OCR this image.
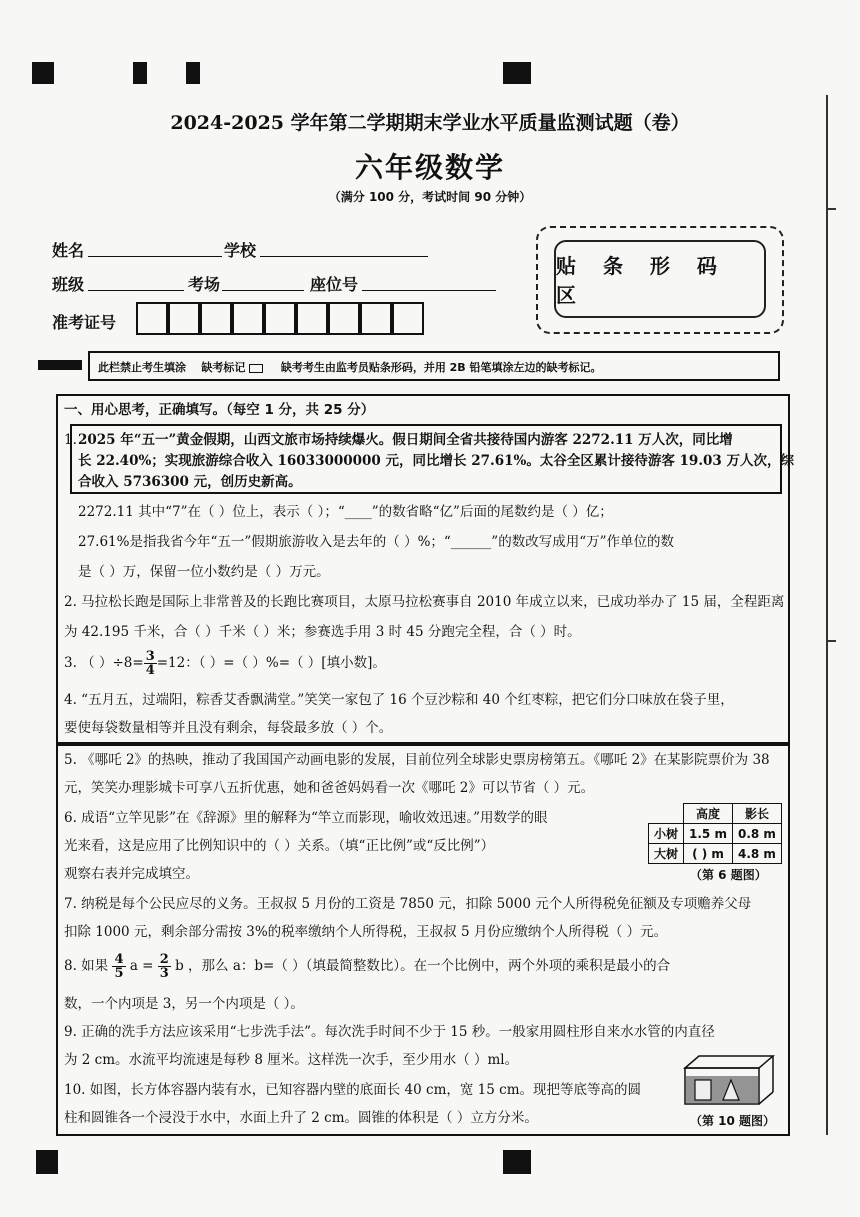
2024-2025 学年第二学期期末学业水平质量监测试题（卷）
六年级数学
（满分 100 分，考试时间 90 分钟）
姓名	学校
班级	考场	座位号
准考证号
贴 条 形 码 区
此栏禁止考生填涂 缺考标记	缺考考生由监考员贴条形码，并用 2B 铅笔填涂左边的缺考标记。
一、用心思考，正确填写。（每空 1 分，共 25 分）
1. 2025 年“五一”黄金假期，山西文旅市场持续爆火。假日期间全省共接待国内游客 2272.11 万人次，同比增
长 22.40%；实现旅游综合收入 16033000000 元，同比增长 27.61%。太谷全区累计接待游客 19.03 万人次，综
合收入 5736300 元，创历史新高。
2272.11 其中“7”在（ ）位上，表示（ ）；“____”的数省略“亿”后面的尾数约是（ ）亿；
27.61%是指我省今年“五一”假期旅游收入是去年的（ ）%；“______”的数改写成用“万”作单位的数
是（ ）万，保留一位小数约是（ ）万元。
2. 马拉松长跑是国际上非常普及的长跑比赛项目，太原马拉松赛事自 2010 年成立以来，已成功举办了 15 届，全程距离
为 42.195 千米，合（ ）千米（ ）米；参赛选手用 3 时 45 分跑完全程，合（ ）时。
3. （ ）$\div 8= \frac{3}{4} =12$：（ ）=（ ）%=（ ）[填小数]。
4. “五月五，过端阳，粽香艾香飘满堂。”笑笑一家包了 16 个豆沙粽和 40 个红枣粽，把它们分口味放在袋子里，
要使每袋数量相等并且没有剩余，每袋最多放（ ）个。
5. 《哪吒 2》的热映，推动了我国国产动画电影的发展，目前位列全球影史票房榜第五。《哪吒 2》在某影院票价为 38
元，笑笑办理影城卡可享八五折优惠，她和爸爸妈妈看一次《哪吒 2》可以节省（ ）元。
6. 成语“立竿见影”在《辞源》里的解释为“竿立而影现，喻收效迅速。”用数学的眼
光来看，这是应用了比例知识中的（ ）关系。（填“正比例”或“反比例”）
观察右表并完成填空。
	高度	影长
小树	1.5 m	0.8 m
大树	( ) m	4.8 m
（第 6 题图）
7. 纳税是每个公民应尽的义务。王叔叔 5 月份的工资是 7850 元，扣除 5000 元个人所得税免征额及专项赡养父母
扣除 1000 元，剩余部分需按 3%的税率缴纳个人所得税，王叔叔 5 月份应缴纳个人所得税（ ）元。
8. 如果 $\frac{4}{5}$ $a = \frac{2}{3}$ b ，那么 a：b=（ ）（填最简整数比）。在一个比例中，两个外项的乘积是最小的合
数，一个内项是 3，另一个内项是（ ）。
9. 正确的洗手方法应该采用“七步洗手法”。每次洗手时间不少于 15 秒。一般家用圆柱形自来水水管的内直径
为 2 cm。水流平均流速是每秒 8 厘米。这样洗一次手，至少用水（ ）ml。
10. 如图，长方体容器内装有水，已知容器内壁的底面长 40 cm，宽 15 cm。现把等底等高的圆
柱和圆锥各一个浸没于水中，水面上升了 2 cm。圆锥的体积是（ ）立方分米。	（第 10 题图）
